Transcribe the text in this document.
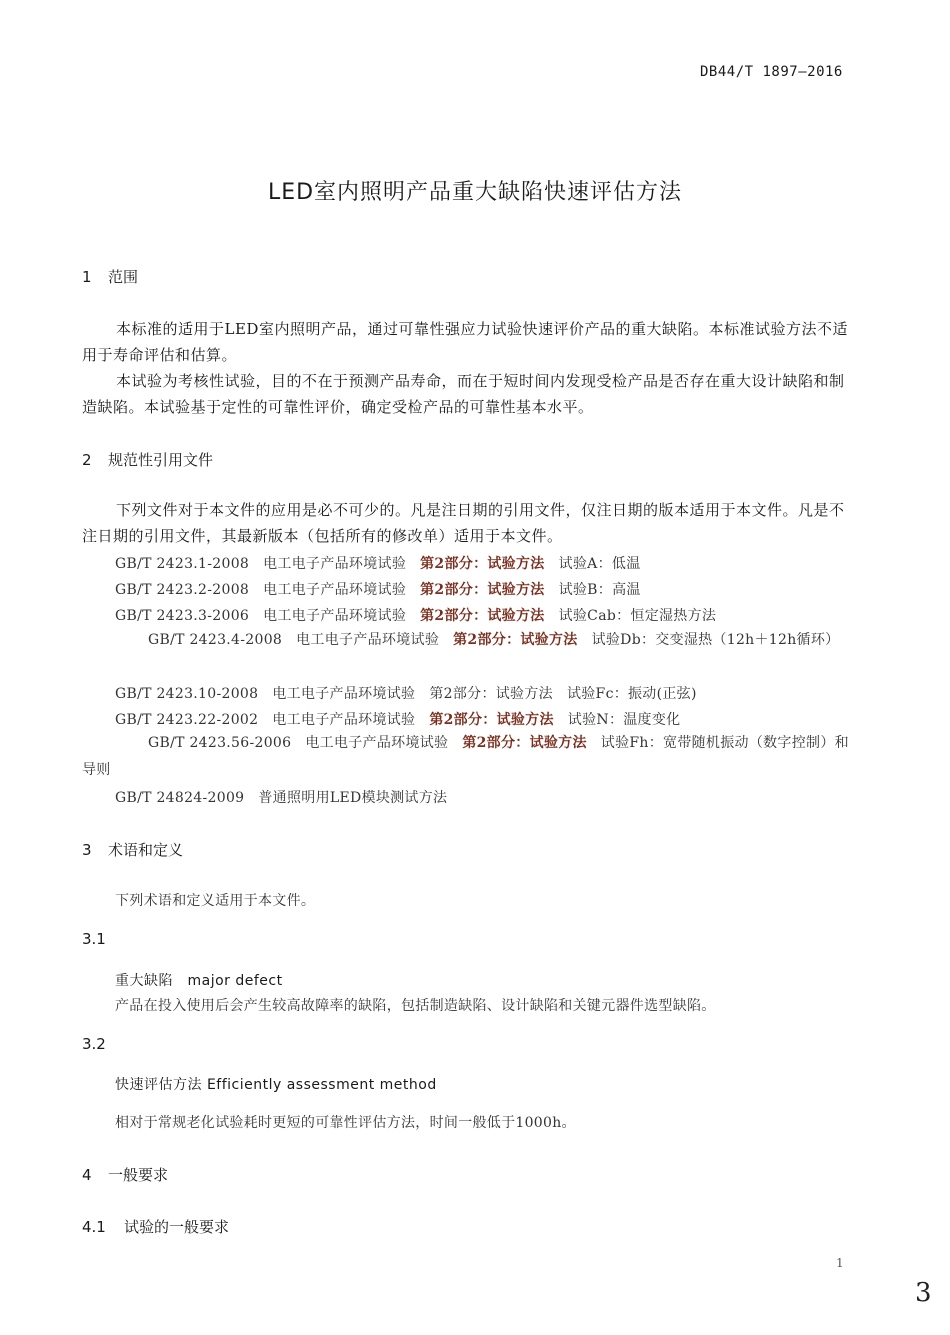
DB44/T 1897—2016
LED室内照明产品重大缺陷快速评估方法
1 范围
本标准的适用于LED室内照明产品，通过可靠性强应力试验快速评价产品的重大缺陷。本标准试验方法不适用于寿命评估和估算。
本试验为考核性试验，目的不在于预测产品寿命，而在于短时间内发现受检产品是否存在重大设计缺陷和制造缺陷。本试验基于定性的可靠性评价，确定受检产品的可靠性基本水平。
2 规范性引用文件
下列文件对于本文件的应用是必不可少的。凡是注日期的引用文件，仅注日期的版本适用于本文件。凡是不注日期的引用文件，其最新版本（包括所有的修改单）适用于本文件。
GB/T 2423.1-2008 电工电子产品环境试验 第2部分：试验方法 试验A：低温
GB/T 2423.2-2008 电工电子产品环境试验 第2部分：试验方法 试验B：高温
GB/T 2423.3-2006 电工电子产品环境试验 第2部分：试验方法 试验Cab：恒定湿热方法
GB/T 2423.4-2008 电工电子产品环境试验 第2部分：试验方法 试验Db：交变湿热（12h＋12h循环）
GB/T 2423.10-2008 电工电子产品环境试验 第2部分：试验方法 试验Fc：振动(正弦)
GB/T 2423.22-2002 电工电子产品环境试验 第2部分：试验方法 试验N：温度变化
GB/T 2423.56-2006 电工电子产品环境试验 第2部分：试验方法 试验Fh：宽带随机振动（数字控制）和导则
GB/T 24824-2009 普通照明用LED模块测试方法
3 术语和定义
下列术语和定义适用于本文件。
3.1
重大缺陷　major defect
产品在投入使用后会产生较高故障率的缺陷，包括制造缺陷、设计缺陷和关键元器件选型缺陷。
3.2
快速评估方法 Efficiently assessment method
相对于常规老化试验耗时更短的可靠性评估方法，时间一般低于1000h。
4 一般要求
4.1 试验的一般要求
1
3
